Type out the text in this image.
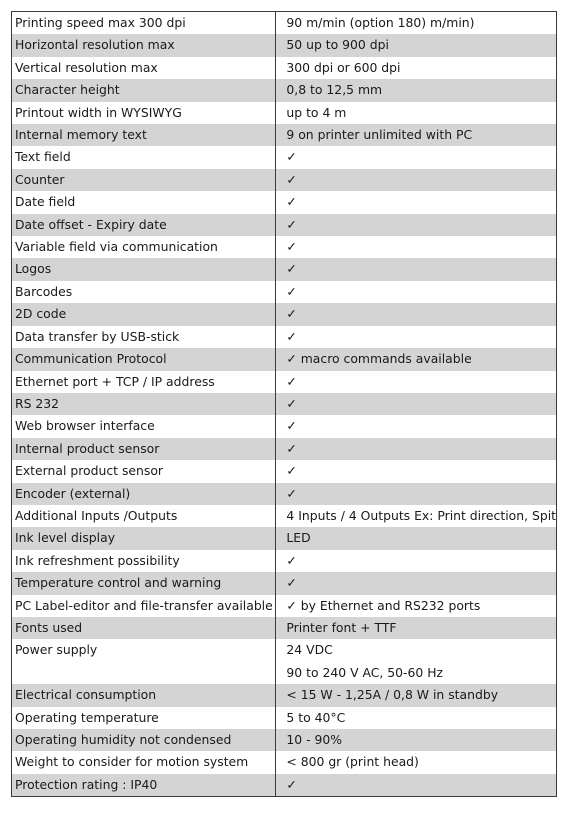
Printing speed max 300 dpi	90 m/min (option 180) m/min)

Horizontal resolution max	50 up to 900 dpi

Vertical resolution max	300 dpi or 600 dpi

Character height	0,8 to 12,5 mm

Printout width in WYSIWYG	up to 4 m

Internal memory text	9 on printer unlimited with PC

Text field	✓

Counter	✓

Date field	✓

Date offset - Expiry date	✓

Variable field via communication	✓

Logos	✓

Barcodes	✓

2D code	✓

Data transfer by USB-stick	✓

Communication Protocol	✓ macro commands available

Ethernet port + TCP / IP address	✓

RS 232	✓

Web browser interface	✓

Internal product sensor	✓

External product sensor	✓

Encoder (external)	✓

Additional Inputs /Outputs	4 Inputs / 4 Outputs Ex: Print direction, Spit

Ink level display	LED

Ink refreshment possibility	✓

Temperature control and warning	✓

PC Label-editor and file-transfer available	✓ by Ethernet and RS232 ports

Fonts used	Printer font + TTF

Power supply	24 VDC
90 to 240 V AC, 50-60 Hz

Electrical consumption	< 15 W - 1,25A / 0,8 W in standby

Operating temperature	5 to 40°C

Operating humidity not condensed	10 - 90%

Weight to consider for motion system	< 800 gr (print head)

Protection rating : IP40	✓
